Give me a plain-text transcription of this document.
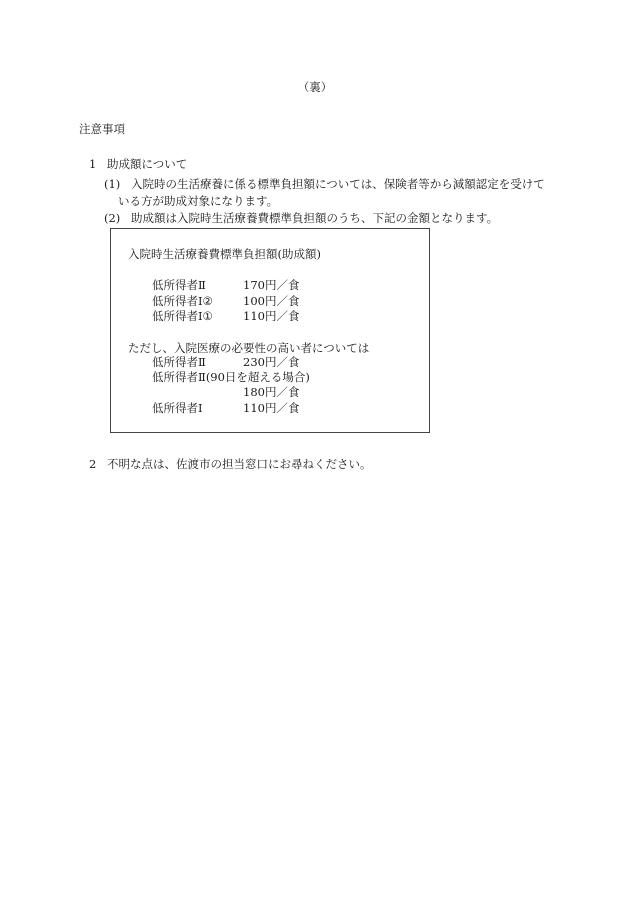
（裏）
注意事項
1 助成額について
(1) 入院時の生活療養に係る標準負担額については、保険者等から減額認定を受けて
いる方が助成対象になります。
(2) 助成額は入院時生活療養費標準負担額のうち、下記の金額となります。
入院時生活療養費標準負担額(助成額)
低所得者Ⅱ	170円／食
低所得者Ⅰ②	100円／食
低所得者Ⅰ①	110円／食
ただし、入院医療の必要性の高い者については
低所得者Ⅱ	230円／食
低所得者Ⅱ(90日を超える場合)
180円／食
低所得者Ⅰ	110円／食
2 不明な点は、佐渡市の担当窓口にお尋ねください。
